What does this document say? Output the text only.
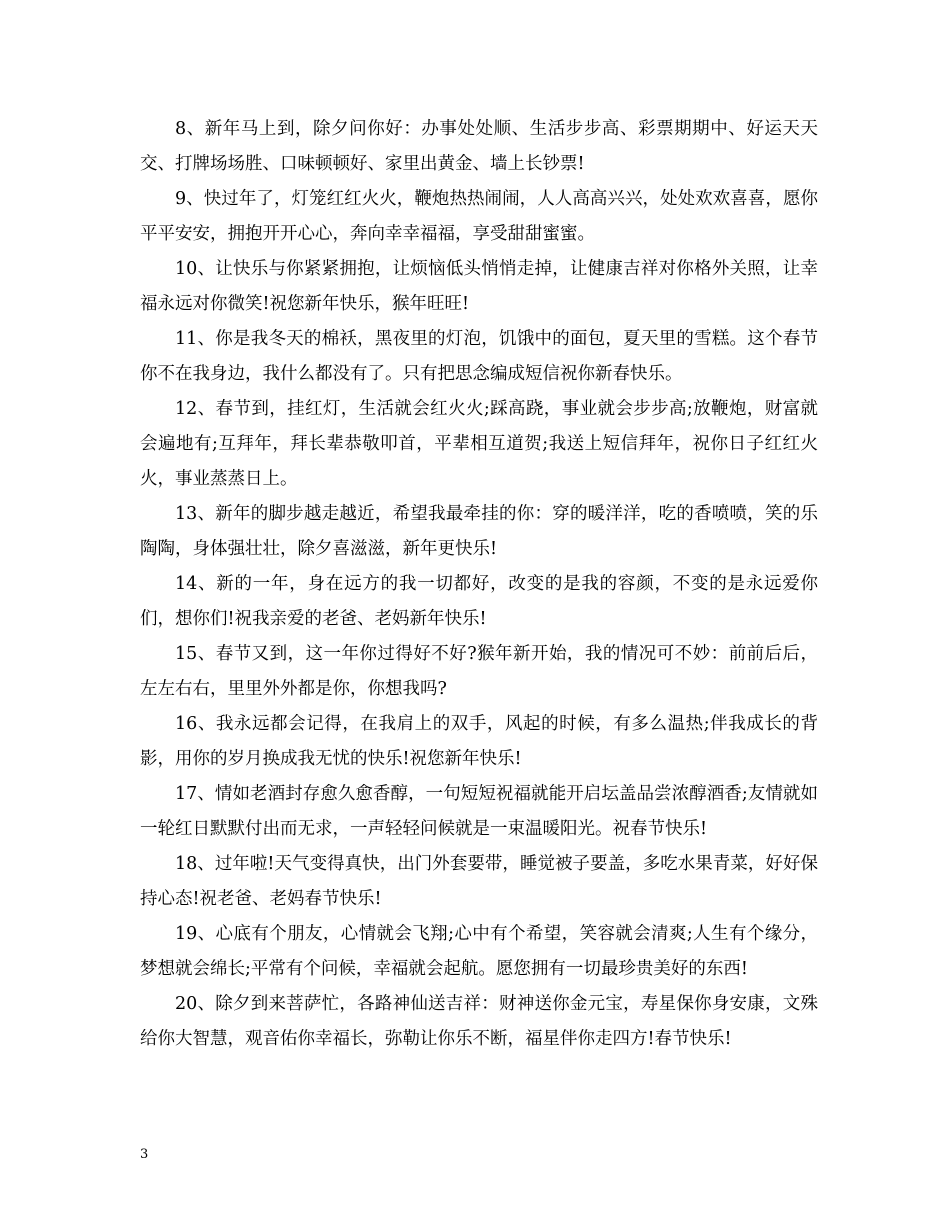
8、新年马上到，除夕问你好：办事处处顺、生活步步高、彩票期期中、好运天天交、打牌场场胜、口味顿顿好、家里出黄金、墙上长钞票!

9、快过年了，灯笼红红火火，鞭炮热热闹闹，人人高高兴兴，处处欢欢喜喜，愿你平平安安，拥抱开开心心，奔向幸幸福福，享受甜甜蜜蜜。

10、让快乐与你紧紧拥抱，让烦恼低头悄悄走掉，让健康吉祥对你格外关照，让幸福永远对你微笑!祝您新年快乐，猴年旺旺!

11、你是我冬天的棉袄，黑夜里的灯泡，饥饿中的面包，夏天里的雪糕。这个春节你不在我身边，我什么都没有了。只有把思念编成短信祝你新春快乐。

12、春节到，挂红灯，生活就会红火火;踩高跷，事业就会步步高;放鞭炮，财富就会遍地有;互拜年，拜长辈恭敬叩首，平辈相互道贺;我送上短信拜年，祝你日子红红火火，事业蒸蒸日上。

13、新年的脚步越走越近，希望我最牵挂的你：穿的暖洋洋，吃的香喷喷，笑的乐陶陶，身体强壮壮，除夕喜滋滋，新年更快乐!

14、新的一年，身在远方的我一切都好，改变的是我的容颜，不变的是永远爱你们，想你们!祝我亲爱的老爸、老妈新年快乐!

15、春节又到，这一年你过得好不好?猴年新开始，我的情况可不妙：前前后后，左左右右，里里外外都是你，你想我吗?

16、我永远都会记得，在我肩上的双手，风起的时候，有多么温热;伴我成长的背影，用你的岁月换成我无忧的快乐!祝您新年快乐!

17、情如老酒封存愈久愈香醇，一句短短祝福就能开启坛盖品尝浓醇酒香;友情就如一轮红日默默付出而无求，一声轻轻问候就是一束温暖阳光。祝春节快乐!

18、过年啦!天气变得真快，出门外套要带，睡觉被子要盖，多吃水果青菜，好好保持心态!祝老爸、老妈春节快乐!

19、心底有个朋友，心情就会飞翔;心中有个希望，笑容就会清爽;人生有个缘分，梦想就会绵长;平常有个问候，幸福就会起航。愿您拥有一切最珍贵美好的东西!

20、除夕到来菩萨忙，各路神仙送吉祥：财神送你金元宝，寿星保你身安康，文殊给你大智慧，观音佑你幸福长，弥勒让你乐不断，福星伴你走四方!春节快乐!

3
